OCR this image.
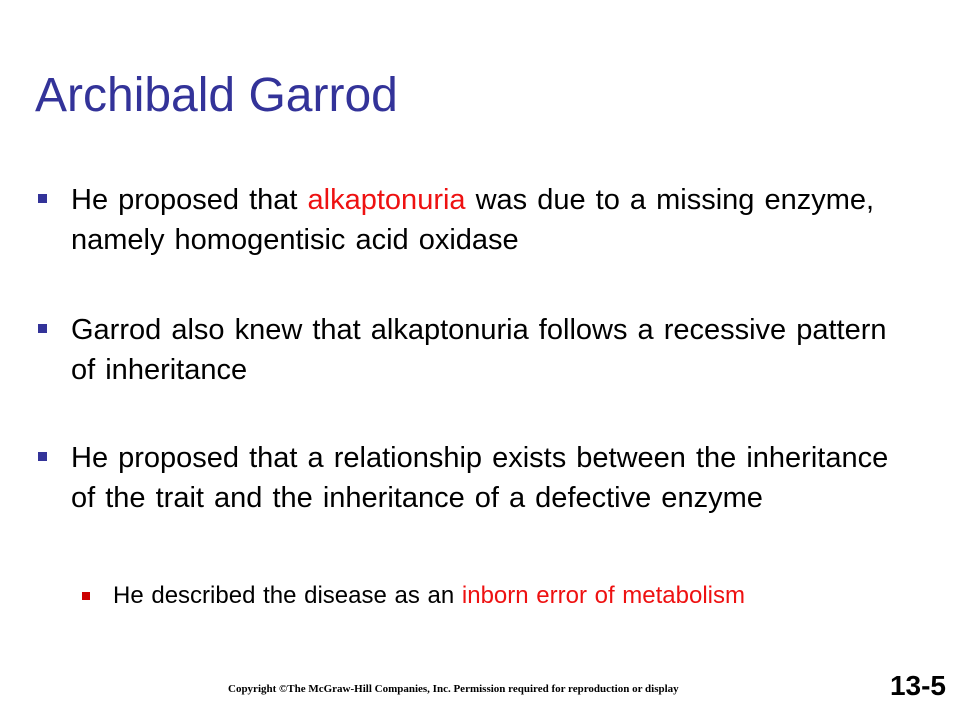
Archibald Garrod
He proposed that alkaptonuria was due to a missing enzyme, namely homogentisic acid oxidase
Garrod also knew that alkaptonuria follows a recessive pattern of inheritance
He proposed that a relationship exists between the inheritance of the trait and the inheritance of a defective enzyme
He described the disease as an inborn error of metabolism
Copyright ©The McGraw-Hill Companies, Inc. Permission required for reproduction or display	13-5
